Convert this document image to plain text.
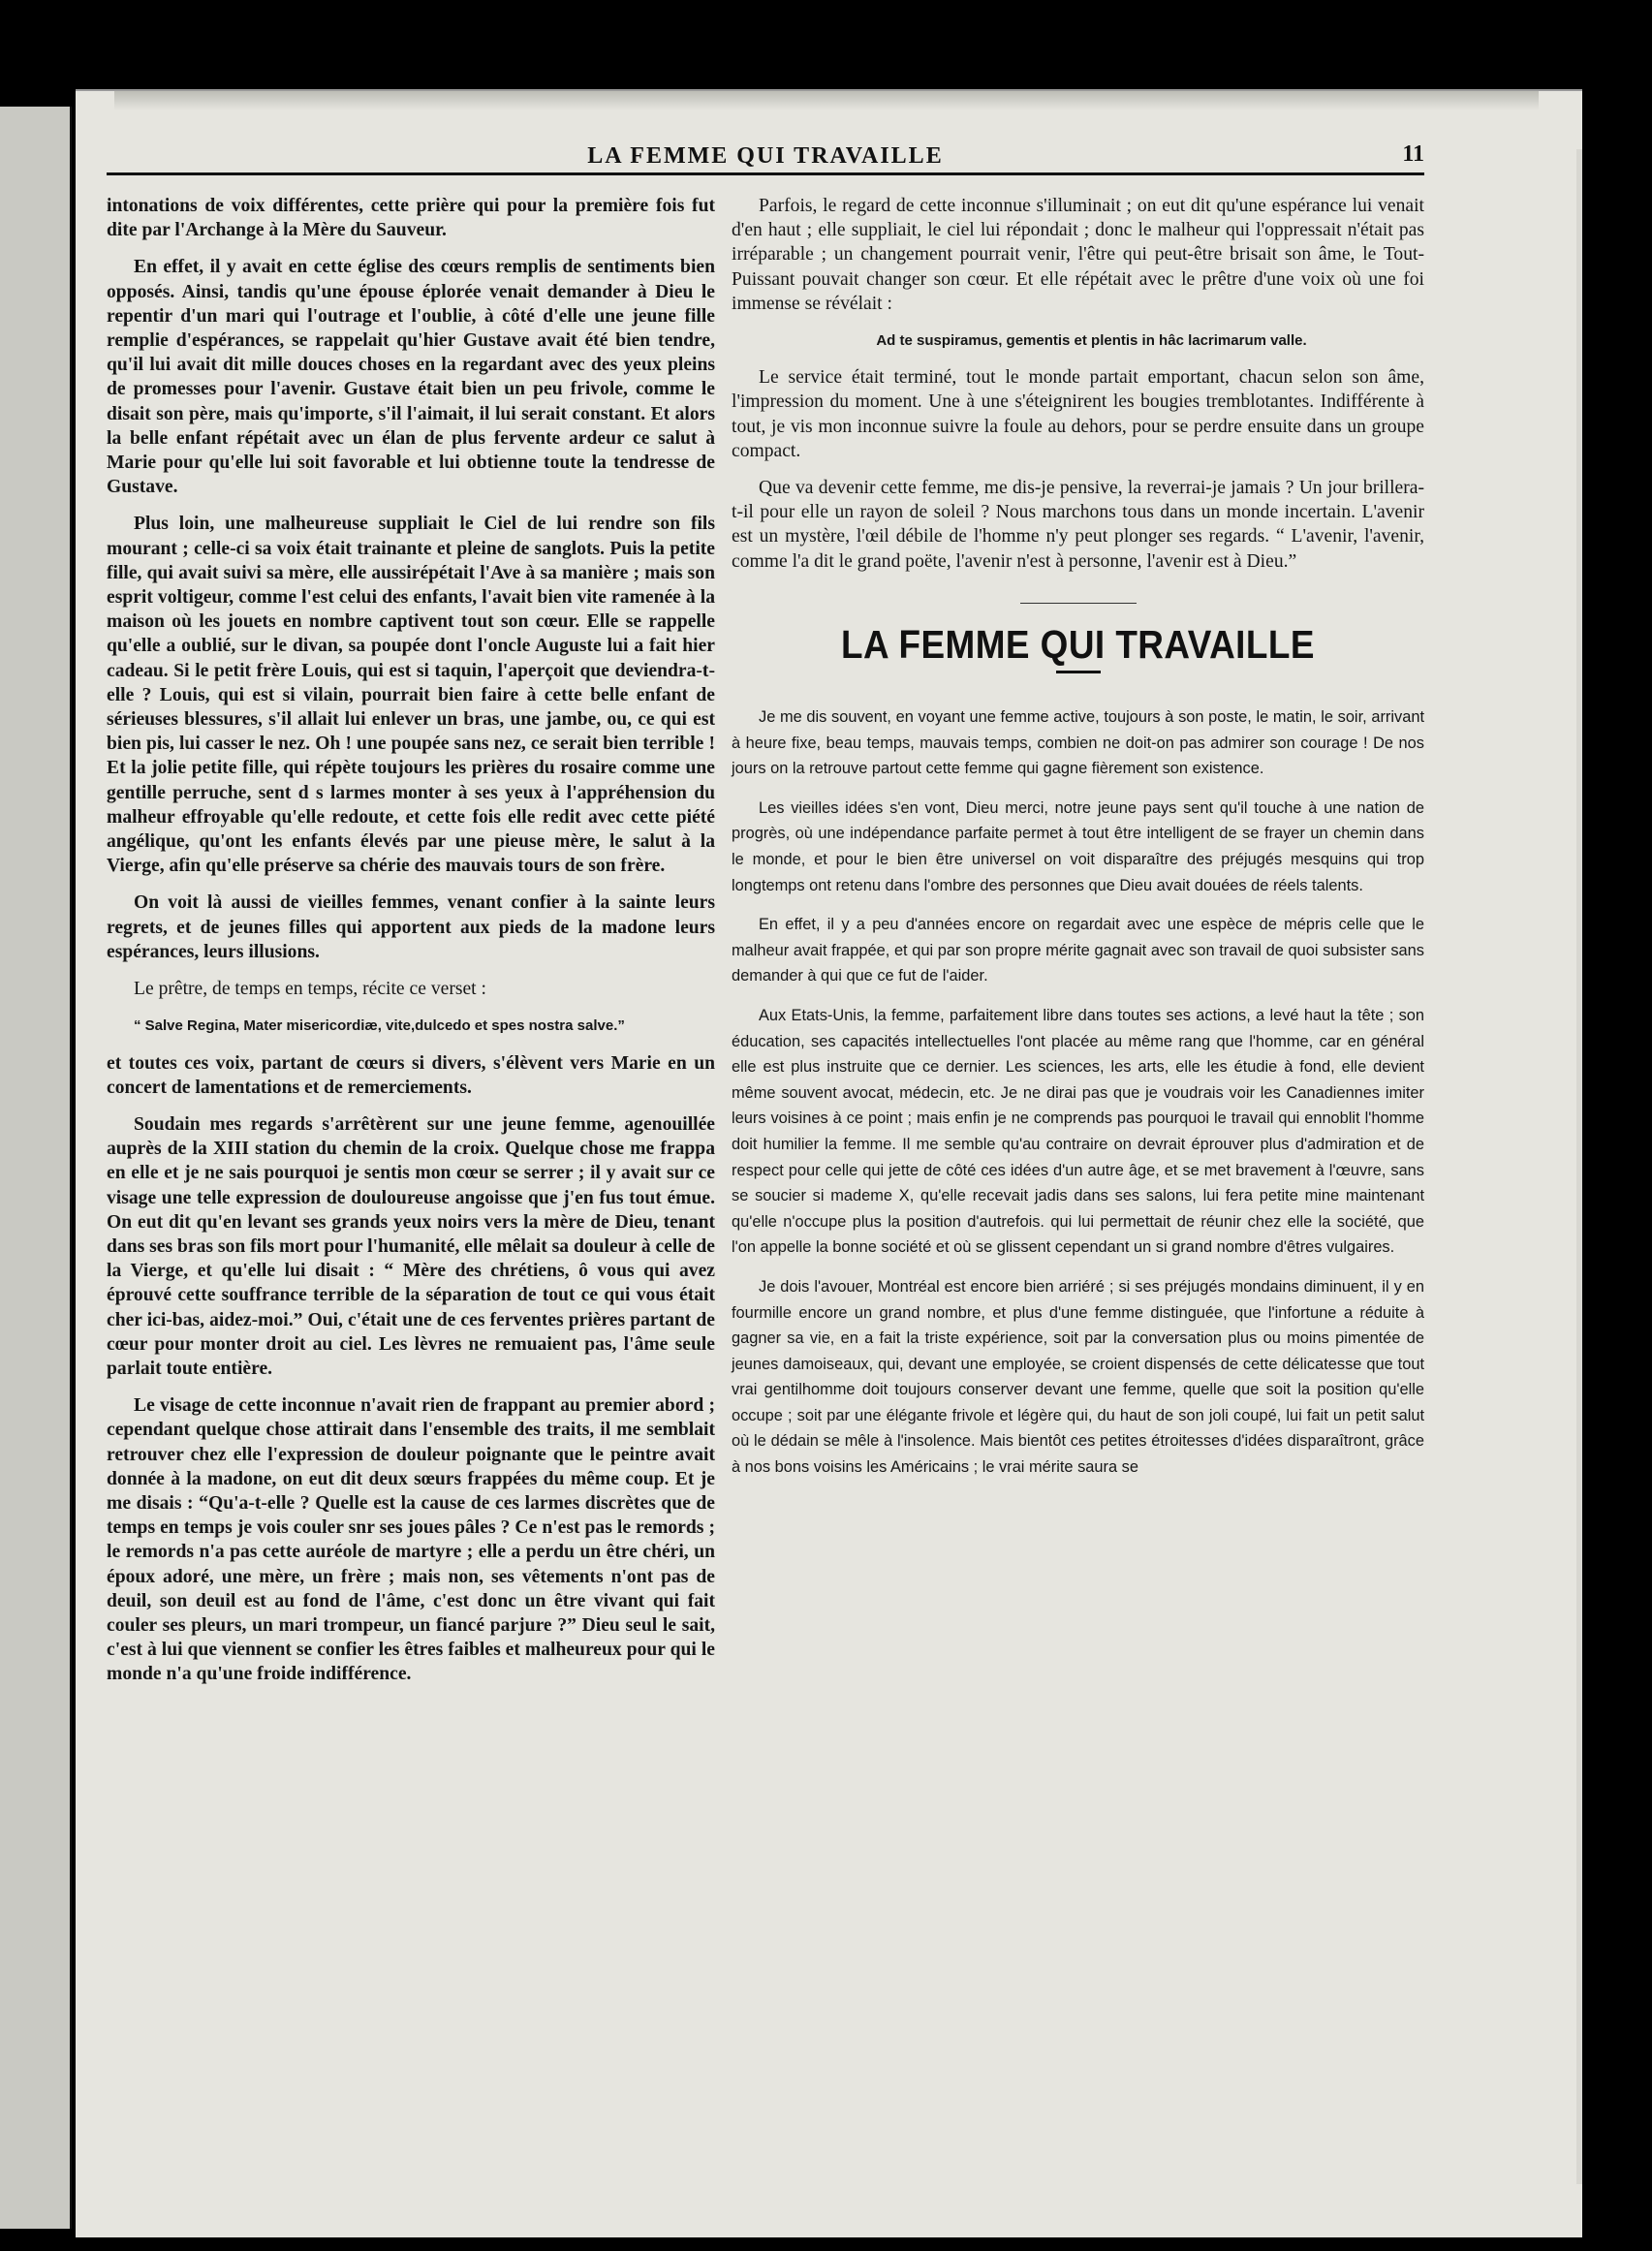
LA FEMME QUI TRAVAILLE	11

intonations de voix différentes, cette prière qui pour la première fois fut dite par l'Archange à la Mère du Sauveur.

En effet, il y avait en cette église des cœurs remplis de sentiments bien opposés. Ainsi, tandis qu'une épouse éplorée venait demander à Dieu le repentir d'un mari qui l'outrage et l'oublie, à côté d'elle une jeune fille remplie d'espérances, se rappelait qu'hier Gustave avait été bien tendre, qu'il lui avait dit mille douces choses en la regardant avec des yeux pleins de promesses pour l'avenir. Gustave était bien un peu frivole, comme le disait son père, mais qu'importe, s'il l'aimait, il lui serait constant. Et alors la belle enfant répétait avec un élan de plus fervente ardeur ce salut à Marie pour qu'elle lui soit favorable et lui obtienne toute la tendresse de Gustave.

Plus loin, une malheureuse suppliait le Ciel de lui rendre son fils mourant ; celle-ci sa voix était trainante et pleine de sanglots. Puis la petite fille, qui avait suivi sa mère, elle aussirépétait l'Ave à sa manière ; mais son esprit voltigeur, comme l'est celui des enfants, l'avait bien vite ramenée à la maison où les jouets en nombre captivent tout son cœur. Elle se rappelle qu'elle a oublié, sur le divan, sa poupée dont l'oncle Auguste lui a fait hier cadeau. Si le petit frère Louis, qui est si taquin, l'aperçoit que deviendra-t-elle ? Louis, qui est si vilain, pourrait bien faire à cette belle enfant de sérieuses blessures, s'il allait lui enlever un bras, une jambe, ou, ce qui est bien pis, lui casser le nez. Oh ! une poupée sans nez, ce serait bien terrible ! Et la jolie petite fille, qui répète toujours les prières du rosaire comme une gentille perruche, sent d s larmes monter à ses yeux à l'appréhension du malheur effroyable qu'elle redoute, et cette fois elle redit avec cette piété angélique, qu'ont les enfants élevés par une pieuse mère, le salut à la Vierge, afin qu'elle préserve sa chérie des mauvais tours de son frère.

On voit là aussi de vieilles femmes, venant confier à la sainte leurs regrets, et de jeunes filles qui apportent aux pieds de la madone leurs espérances, leurs illusions.

Le prêtre, de temps en temps, récite ce verset :

“ Salve Regina, Mater misericordiæ, vite,dulcedo et spes nostra salve.”

et toutes ces voix, partant de cœurs si divers, s'élèvent vers Marie en un concert de lamentations et de remerciements.

Soudain mes regards s'arrêtèrent sur une jeune femme, agenouillée auprès de la XIII station du chemin de la croix. Quelque chose me frappa en elle et je ne sais pourquoi je sentis mon cœur se serrer ; il y avait sur ce visage une telle expression de douloureuse angoisse que j'en fus tout émue. On eut dit qu'en levant ses grands yeux noirs vers la mère de Dieu, tenant dans ses bras son fils mort pour l'humanité, elle mêlait sa douleur à celle de la Vierge, et qu'elle lui disait : “ Mère des chrétiens, ô vous qui avez éprouvé cette souffrance terrible de la séparation de tout ce qui vous était cher ici-bas, aidez-moi.” Oui, c'était une de ces ferventes prières partant de cœur pour monter droit au ciel. Les lèvres ne remuaient pas, l'âme seule parlait toute entière.

Le visage de cette inconnue n'avait rien de frappant au premier abord ; cependant quelque chose attirait dans l'ensemble des traits, il me semblait retrouver chez elle l'expression de douleur poignante que le peintre avait donnée à la madone, on eut dit deux sœurs frappées du même coup. Et je me disais : “Qu'a-t-elle ? Quelle est la cause de ces larmes discrètes que de temps en temps je vois couler snr ses joues pâles ? Ce n'est pas le remords ; le remords n'a pas cette auréole de martyre ; elle a perdu un être chéri, un époux adoré, une mère, un frère ; mais non, ses vêtements n'ont pas de deuil, son deuil est au fond de l'âme, c'est donc un être vivant qui fait couler ses pleurs, un mari trompeur, un fiancé parjure ?” Dieu seul le sait, c'est à lui que viennent se confier les êtres faibles et malheureux pour qui le monde n'a qu'une froide indifférence.

Parfois, le regard de cette inconnue s'illuminait ; on eut dit qu'une espérance lui venait d'en haut ; elle suppliait, le ciel lui répondait ; donc le malheur qui l'oppressait n'était pas irréparable ; un changement pourrait venir, l'être qui peut-être brisait son âme, le Tout-Puissant pouvait changer son cœur. Et elle répétait avec le prêtre d'une voix où une foi immense se révélait :

Ad te suspiramus, gementis et plentis in hâc lacrimarum valle.

Le service était terminé, tout le monde partait emportant, chacun selon son âme, l'impression du moment. Une à une s'éteignirent les bougies tremblotantes. Indifférente à tout, je vis mon inconnue suivre la foule au dehors, pour se perdre ensuite dans un groupe compact.

Que va devenir cette femme, me dis-je pensive, la reverrai-je jamais ? Un jour brillera-t-il pour elle un rayon de soleil ? Nous marchons tous dans un monde incertain. L'avenir est un mystère, l'œil débile de l'homme n'y peut plonger ses regards. “ L'avenir, l'avenir, comme l'a dit le grand poëte, l'avenir n'est à personne, l'avenir est à Dieu.”

LA FEMME QUI TRAVAILLE

Je me dis souvent, en voyant une femme active, toujours à son poste, le matin, le soir, arrivant à heure fixe, beau temps, mauvais temps, combien ne doit-on pas admirer son courage ! De nos jours on la retrouve partout cette femme qui gagne fièrement son existence.

Les vieilles idées s'en vont, Dieu merci, notre jeune pays sent qu'il touche à une nation de progrès, où une indépendance parfaite permet à tout être intelligent de se frayer un chemin dans le monde, et pour le bien être universel on voit disparaître des préjugés mesquins qui trop longtemps ont retenu dans l'ombre des personnes que Dieu avait douées de réels talents.

En effet, il y a peu d'années encore on regardait avec une espèce de mépris celle que le malheur avait frappée, et qui par son propre mérite gagnait avec son travail de quoi subsister sans demander à qui que ce fut de l'aider.

Aux Etats-Unis, la femme, parfaitement libre dans toutes ses actions, a levé haut la tête ; son éducation, ses capacités intellectuelles l'ont placée au même rang que l'homme, car en général elle est plus instruite que ce dernier. Les sciences, les arts, elle les étudie à fond, elle devient même souvent avocat, médecin, etc. Je ne dirai pas que je voudrais voir les Canadiennes imiter leurs voisines à ce point ; mais enfin je ne comprends pas pourquoi le travail qui ennoblit l'homme doit humilier la femme. Il me semble qu'au contraire on devrait éprouver plus d'admiration et de respect pour celle qui jette de côté ces idées d'un autre âge, et se met bravement à l'œuvre, sans se soucier si mademe X, qu'elle recevait jadis dans ses salons, lui fera petite mine maintenant qu'elle n'occupe plus la position d'autrefois. qui lui permettait de réunir chez elle la société, que l'on appelle la bonne société et où se glissent cependant un si grand nombre d'êtres vulgaires.

Je dois l'avouer, Montréal est encore bien arriéré ; si ses préjugés mondains diminuent, il y en fourmille encore un grand nombre, et plus d'une femme distinguée, que l'infortune a réduite à gagner sa vie, en a fait la triste expérience, soit par la conversation plus ou moins pimentée de jeunes damoiseaux, qui, devant une employée, se croient dispensés de cette délicatesse que tout vrai gentilhomme doit toujours conserver devant une femme, quelle que soit la position qu'elle occupe ; soit par une élégante frivole et légère qui, du haut de son joli coupé, lui fait un petit salut où le dédain se mêle à l'insolence. Mais bientôt ces petites étroitesses d'idées disparaîtront, grâce à nos bons voisins les Américains ; le vrai mérite saura se
